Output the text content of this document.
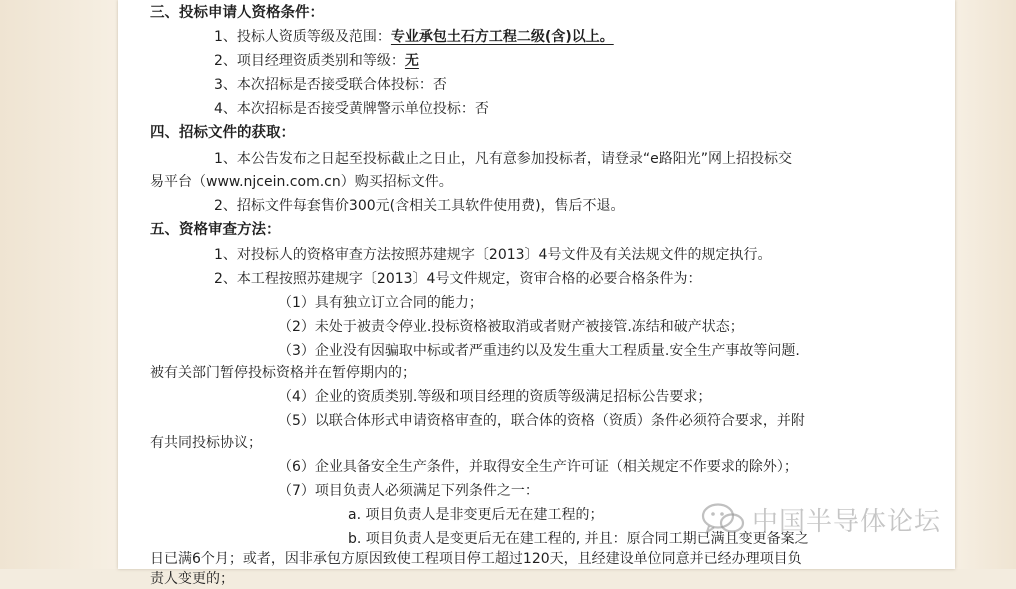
三、投标申请人资格条件：
1、投标人资质等级及范围：专业承包土石方工程二级(含)以上。
2、项目经理资质类别和等级：无
3、本次招标是否接受联合体投标：否
4、本次招标是否接受黄牌警示单位投标：否
四、招标文件的获取：
1、本公告发布之日起至投标截止之日止，凡有意参加投标者，请登录“e路阳光”网上招投标交
易平台（www.njcein.com.cn）购买招标文件。
2、招标文件每套售价300元(含相关工具软件使用费)，售后不退。
五、资格审查方法：
1、对投标人的资格审查方法按照苏建规字〔2013〕4号文件及有关法规文件的规定执行。
2、本工程按照苏建规字〔2013〕4号文件规定，资审合格的必要合格条件为：
（1）具有独立订立合同的能力；
（2）未处于被责令停业.投标资格被取消或者财产被接管.冻结和破产状态；
（3）企业没有因骗取中标或者严重违约以及发生重大工程质量.安全生产事故等问题.
被有关部门暂停投标资格并在暂停期内的；
（4）企业的资质类别.等级和项目经理的资质等级满足招标公告要求；
（5）以联合体形式申请资格审查的，联合体的资格（资质）条件必须符合要求，并附
有共同投标协议；
（6）企业具备安全生产条件，并取得安全生产许可证（相关规定不作要求的除外）；
（7）项目负责人必须满足下列条件之一：
a. 项目负责人是非变更后无在建工程的；
b. 项目负责人是变更后无在建工程的, 并且：原合同工期已满且变更备案之
日已满6个月；或者，因非承包方原因致使工程项目停工超过120天，且经建设单位同意并已经办理项目负
责人变更的；
中国半导体论坛
